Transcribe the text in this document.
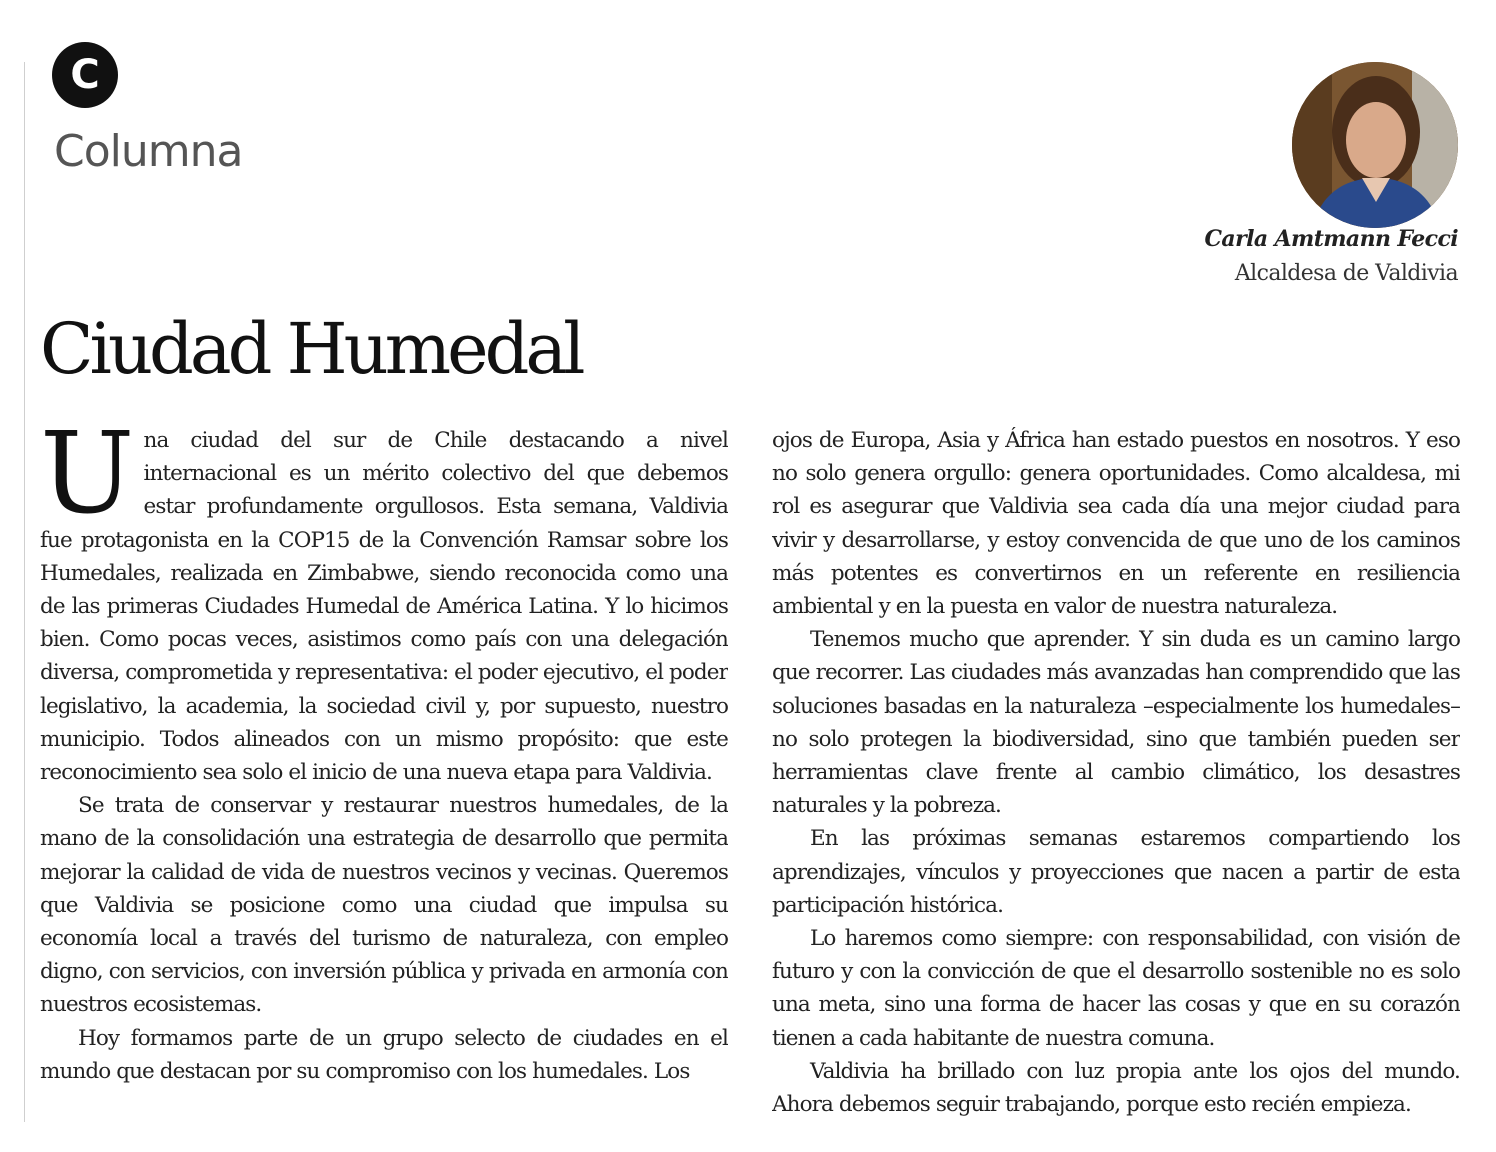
C
Columna

Carla Amtmann Fecci

Alcaldesa de Valdivia

Ciudad Humedal

Una ciudad del sur de Chile destacando a nivel internacional es un mérito colectivo del que debemos estar profundamente orgullosos. Esta semana, Valdivia fue protagonista en la COP15 de la Convención Ramsar sobre los Humedales, realizada en Zimbabwe, siendo reconocida como una de las primeras Ciudades Humedal de América Latina. Y lo hicimos bien. Como pocas veces, asistimos como país con una delegación diversa, comprometida y representativa: el poder ejecutivo, el poder legislativo, la academia, la sociedad civil y, por supuesto, nuestro municipio. Todos alineados con un mismo propósito: que este reconocimiento sea solo el inicio de una nueva etapa para Valdivia.

Se trata de conservar y restaurar nuestros humedales, de la mano de la consolidación una estrategia de desarrollo que permita mejorar la calidad de vida de nuestros vecinos y vecinas. Queremos que Valdivia se posicione como una ciudad que impulsa su economía local a través del turismo de naturaleza, con empleo digno, con servicios, con inversión pública y privada en armonía con nuestros ecosistemas.

Hoy formamos parte de un grupo selecto de ciudades en el mundo que destacan por su compromiso con los humedales. Los

ojos de Europa, Asia y África han estado puestos en nosotros. Y eso no solo genera orgullo: genera oportunidades. Como alcaldesa, mi rol es asegurar que Valdivia sea cada día una mejor ciudad para vivir y desarrollarse, y estoy convencida de que uno de los caminos más potentes es convertirnos en un referente en resiliencia ambiental y en la puesta en valor de nuestra naturaleza.

Tenemos mucho que aprender. Y sin duda es un camino largo que recorrer. Las ciudades más avanzadas han comprendido que las soluciones basadas en la naturaleza –especialmente los humedales– no solo protegen la biodiversidad, sino que también pueden ser herramientas clave frente al cambio climático, los desastres naturales y la pobreza.

En las próximas semanas estaremos compartiendo los aprendizajes, vínculos y proyecciones que nacen a partir de esta participación histórica.

Lo haremos como siempre: con responsabilidad, con visión de futuro y con la convicción de que el desarrollo sostenible no es solo una meta, sino una forma de hacer las cosas y que en su corazón tienen a cada habitante de nuestra comuna.

Valdivia ha brillado con luz propia ante los ojos del mundo. Ahora debemos seguir trabajando, porque esto recién empieza.
